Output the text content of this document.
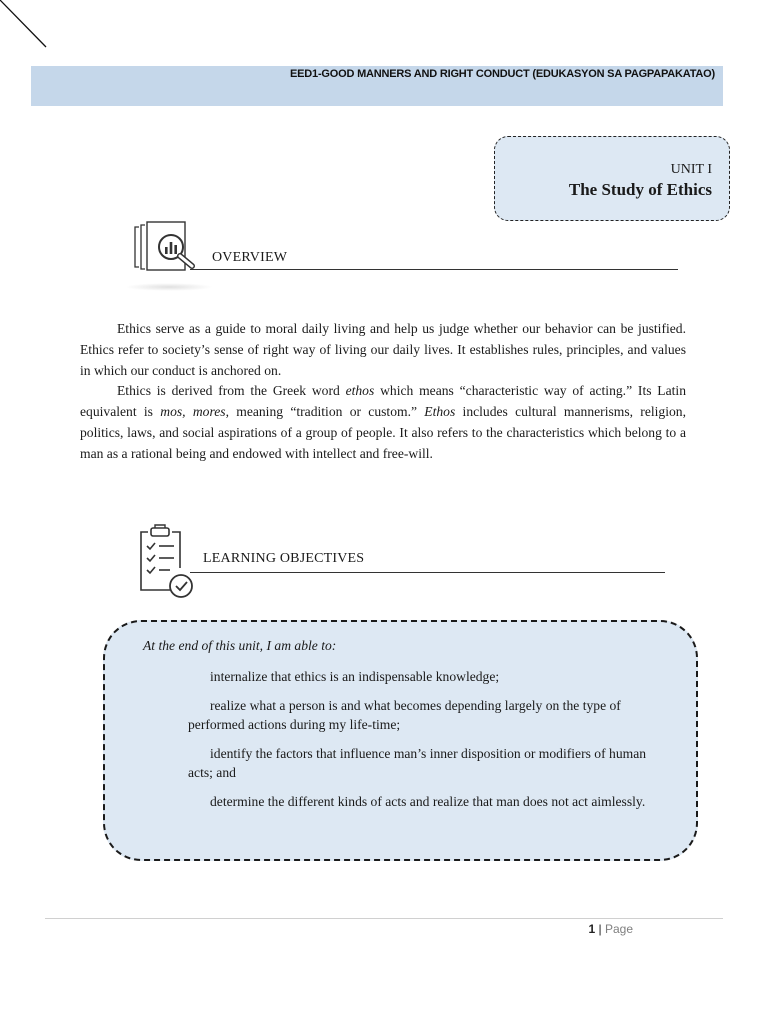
EED1-GOOD MANNERS AND RIGHT CONDUCT (EDUKASYON SA PAGPAPAKATAO)
UNIT I
The Study of Ethics
OVERVIEW

Ethics serve as a guide to moral daily living and help us judge whether our behavior can be justified. Ethics refer to society’s sense of right way of living our daily lives. It establishes rules, principles, and values in which our conduct is anchored on.

Ethics is derived from the Greek word ethos which means “characteristic way of acting.” Its Latin equivalent is mos, mores, meaning “tradition or custom.” Ethos includes cultural mannerisms, religion, politics, laws, and social aspirations of a group of people. It also refers to the characteristics which belong to a man as a rational being and endowed with intellect and free-will.

LEARNING OBJECTIVES
At the end of this unit, I am able to:

internalize that ethics is an indispensable knowledge;

realize what a person is and what becomes depending largely on the type of performed actions during my life-time;

identify the factors that influence man’s inner disposition or modifiers of human acts; and

determine the different kinds of acts and realize that man does not act aimlessly.

1 | Page
